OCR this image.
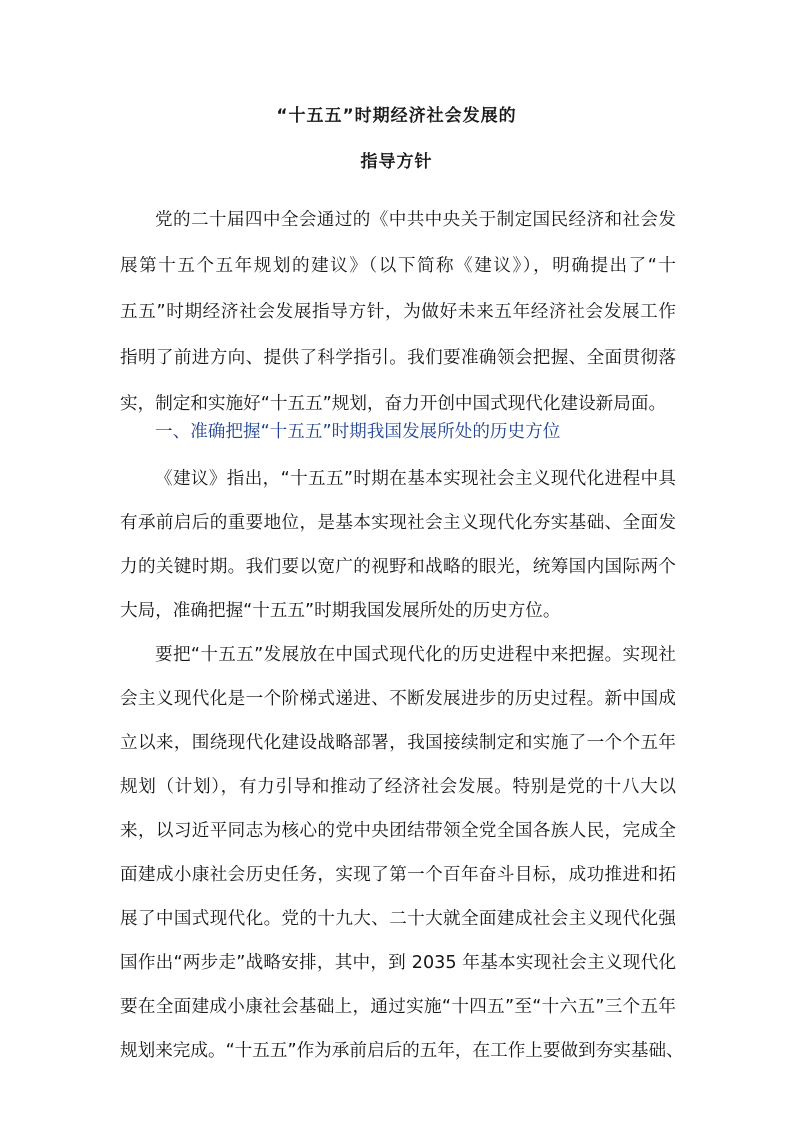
“十五五”时期经济社会发展的
指导方针
党的二十届四中全会通过的《中共中央关于制定国民经济和社会发
展第十五个五年规划的建议》（以下简称《建议》），明确提出了“十
五五”时期经济社会发展指导方针，为做好未来五年经济社会发展工作
指明了前进方向、提供了科学指引。我们要准确领会把握、全面贯彻落
实，制定和实施好“十五五”规划，奋力开创中国式现代化建设新局面。
一、准确把握“十五五”时期我国发展所处的历史方位
《建议》指出，“十五五”时期在基本实现社会主义现代化进程中具
有承前启后的重要地位，是基本实现社会主义现代化夯实基础、全面发
力的关键时期。我们要以宽广的视野和战略的眼光，统筹国内国际两个
大局，准确把握“十五五”时期我国发展所处的历史方位。
要把“十五五”发展放在中国式现代化的历史进程中来把握。实现社
会主义现代化是一个阶梯式递进、不断发展进步的历史过程。新中国成
立以来，围绕现代化建设战略部署，我国接续制定和实施了一个个五年
规划（计划），有力引导和推动了经济社会发展。特别是党的十八大以
来，以习近平同志为核心的党中央团结带领全党全国各族人民，完成全
面建成小康社会历史任务，实现了第一个百年奋斗目标，成功推进和拓
展了中国式现代化。党的十九大、二十大就全面建成社会主义现代化强
国作出“两步走”战略安排，其中，到 2035 年基本实现社会主义现代化
要在全面建成小康社会基础上，通过实施“十四五”至“十六五”三个五年
规划来完成。“十五五”作为承前启后的五年，在工作上要做到夯实基础、
